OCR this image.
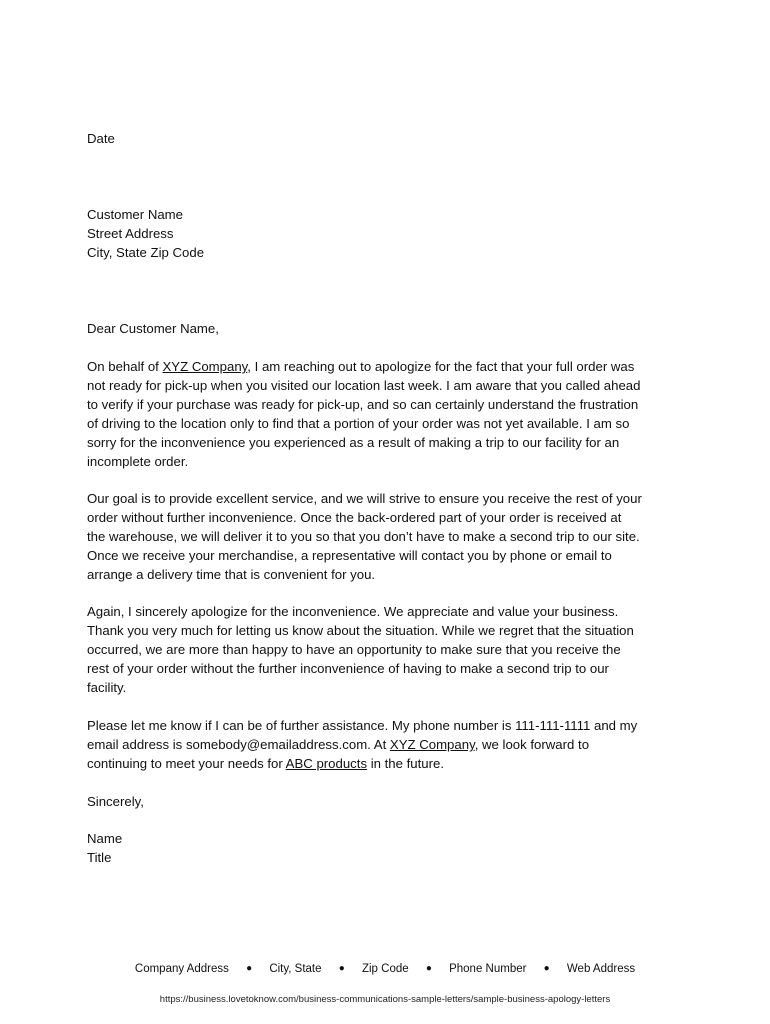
Date

Customer Name
Street Address
City, State Zip Code

Dear Customer Name,

On behalf of XYZ Company, I am reaching out to apologize for the fact that your full order was
not ready for pick-up when you visited our location last week. I am aware that you called ahead
to verify if your purchase was ready for pick-up, and so can certainly understand the frustration
of driving to the location only to find that a portion of your order was not yet available. I am so
sorry for the inconvenience you experienced as a result of making a trip to our facility for an
incomplete order.

Our goal is to provide excellent service, and we will strive to ensure you receive the rest of your
order without further inconvenience. Once the back-ordered part of your order is received at
the warehouse, we will deliver it to you so that you don’t have to make a second trip to our site.
Once we receive your merchandise, a representative will contact you by phone or email to
arrange a delivery time that is convenient for you.

Again, I sincerely apologize for the inconvenience. We appreciate and value your business.
Thank you very much for letting us know about the situation. While we regret that the situation
occurred, we are more than happy to have an opportunity to make sure that you receive the
rest of your order without the further inconvenience of having to make a second trip to our
facility.

Please let me know if I can be of further assistance. My phone number is 111-111-1111 and my
email address is somebody@emailaddress.com. At XYZ Company, we look forward to
continuing to meet your needs for ABC products in the future.

Sincerely,

Name
Title

Company Address ● City, State ● Zip Code ● Phone Number ● Web Address
https://business.lovetoknow.com/business-communications-sample-letters/sample-business-apology-letters
